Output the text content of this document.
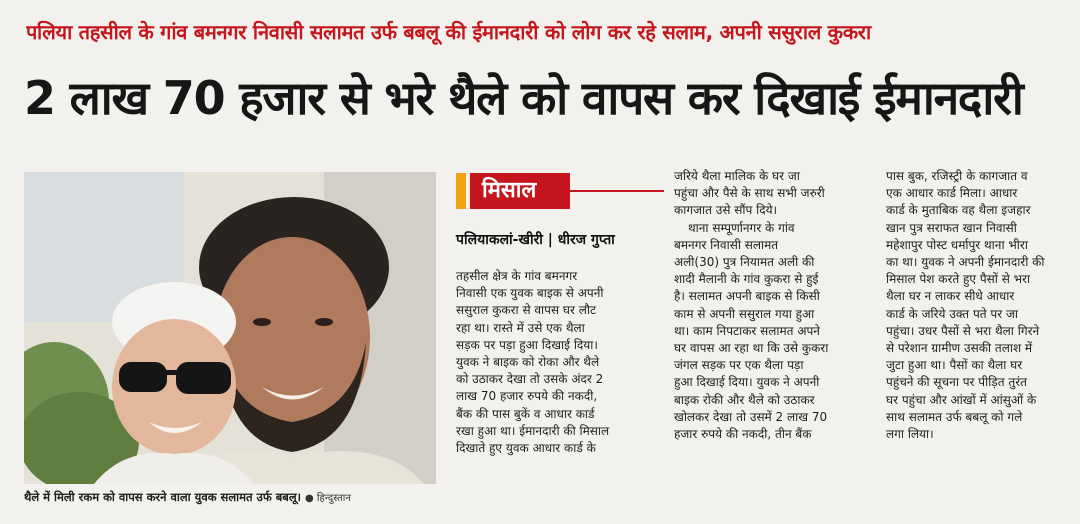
पलिया तहसील के गांव बमनगर निवासी सलामत उर्फ बबलू की ईमानदारी को लोग कर रहे सलाम, अपनी ससुराल कुकरा
2 लाख 70 हजार से भरे थैले को वापस कर दिखाई ईमानदारी
थैले में मिली रकम को वापस करने वाला युवक सलामत उर्फ बबलू। ● हिन्दुस्तान
मिसाल
पलियाकलां-खीरी | धीरज गुप्ता
तहसील क्षेत्र के गांव बमनगर
निवासी एक युवक बाइक से अपनी
ससुराल कुकरा से वापस घर लौट
रहा था। रास्ते में उसे एक थैला
सड़क पर पड़ा हुआ दिखाई दिया।
युवक ने बाइक को रोका और थैले
को उठाकर देखा तो उसके अंदर 2
लाख 70 हजार रुपये की नकदी,
बैंक की पास बुकें व आधार कार्ड
रखा हुआ था। ईमानदारी की मिसाल
दिखाते हुए युवक आधार कार्ड के
जरिये थैला मालिक के घर जा
पहुंचा और पैसे के साथ सभी जरुरी
कागजात उसे सौंप दिये।
थाना सम्पूर्णानगर के गांव
बमनगर निवासी सलामत
अली(30) पुत्र नियामत अली की
शादी मैलानी के गांव कुकरा से हुई
है। सलामत अपनी बाइक से किसी
काम से अपनी ससुराल गया हुआ
था। काम निपटाकर सलामत अपने
घर वापस आ रहा था कि उसे कुकरा
जंगल सड़क पर एक थैला पड़ा
हुआ दिखाई दिया। युवक ने अपनी
बाइक रोकी और थैले को उठाकर
खोलकर देखा तो उसमें 2 लाख 70
हजार रुपये की नकदी, तीन बैंक
पास बुक, रजिस्ट्री के कागजात व
एक आधार कार्ड मिला। आधार
कार्ड के मुताबिक वह थैला इजहार
खान पुत्र सराफत खान निवासी
महेशापुर पोस्ट धर्मापुर थाना भीरा
का था। युवक ने अपनी ईमानदारी की
मिसाल पेश करते हुए पैसों से भरा
थैला घर न लाकर सीधे आधार
कार्ड के जरिये उक्त पते पर जा
पहुंचा। उधर पैसों से भरा थैला गिरने
से परेशान ग्रामीण उसकी तलाश में
जुटा हुआ था। पैसों का थैला घर
पहुंचने की सूचना पर पीड़ित तुरंत
घर पहुंचा और आंखों में आंसुओं के
साथ सलामत उर्फ बबलू को गले
लगा लिया।
